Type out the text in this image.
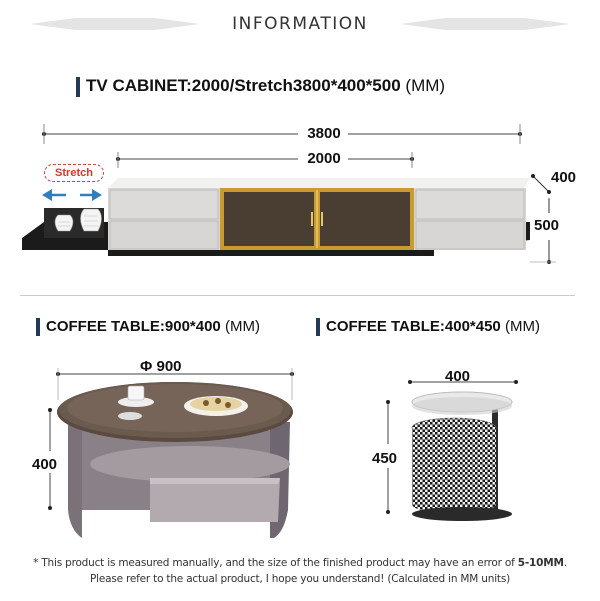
INFORMATION
TV CABINET:2000/Stretch3800*400*500 (MM)
Stretch
3800
2000
400
500
COFFEE TABLE:900*400 (MM)	COFFEE TABLE:400*450 (MM)
Φ 900
400
400
450
* This product is measured manually, and the size of the finished product may have an error of 5-10MM.
Please refer to the actual product, I hope you understand! (Calculated in MM units)
